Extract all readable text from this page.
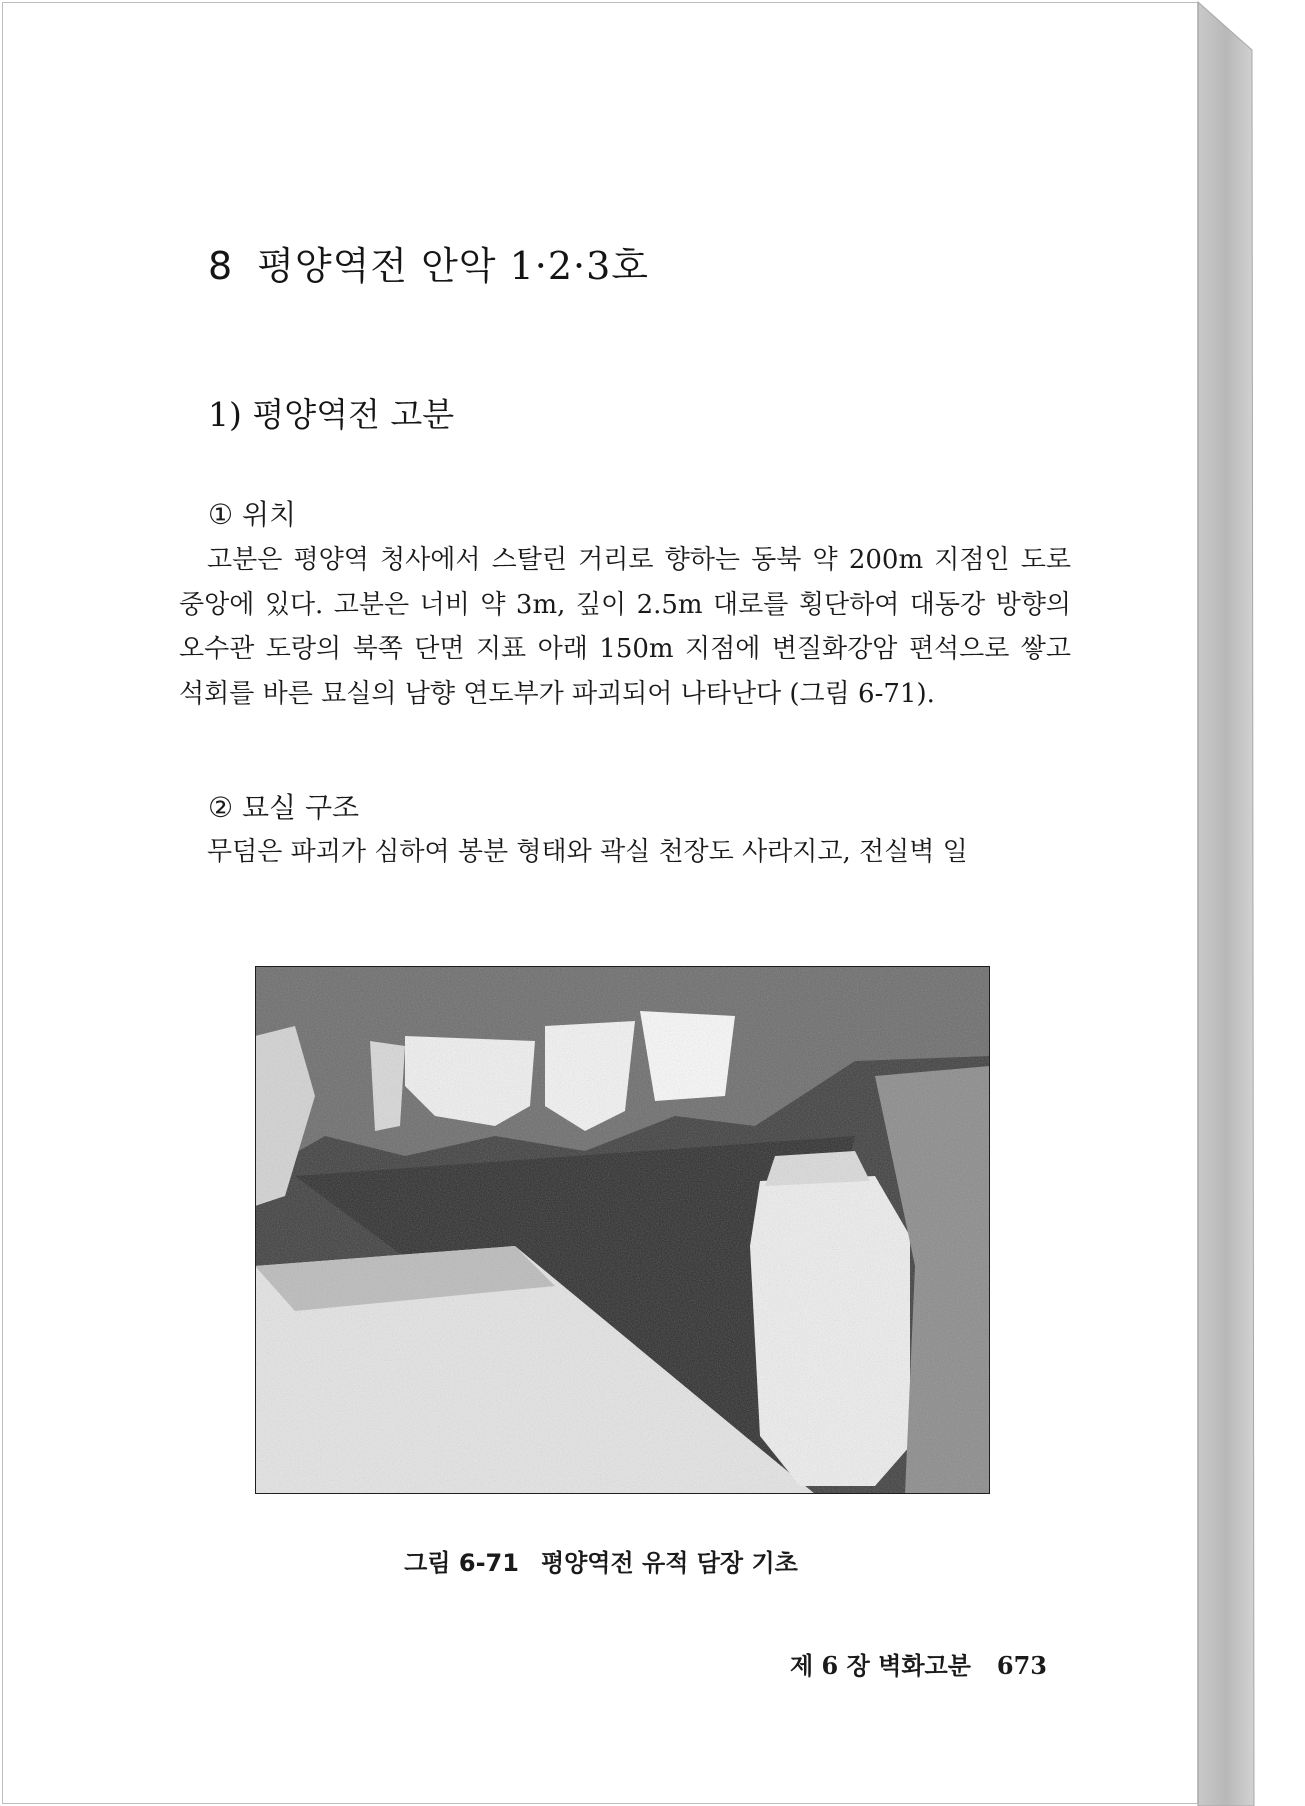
8 평양역전 안악 1·2·3호
1) 평양역전 고분
① 위치

고분은 평양역 청사에서 스탈린 거리로 향하는 동북 약 200m 지점인 도로 중앙에 있다. 고분은 너비 약 3m, 깊이 2.5m 대로를 횡단하여 대동강 방향의 오수관 도랑의 북쪽 단면 지표 아래 150m 지점에 변질화강암 편석으로 쌓고 석회를 바른 묘실의 남향 연도부가 파괴되어 나타난다 (그림 6-71).

② 묘실 구조

무덤은 파괴가 심하여 봉분 형태와 곽실 천장도 사라지고, 전실벽 일

그림 6-71 평양역전 유적 담장 기초
제 6 장 벽화고분 673
